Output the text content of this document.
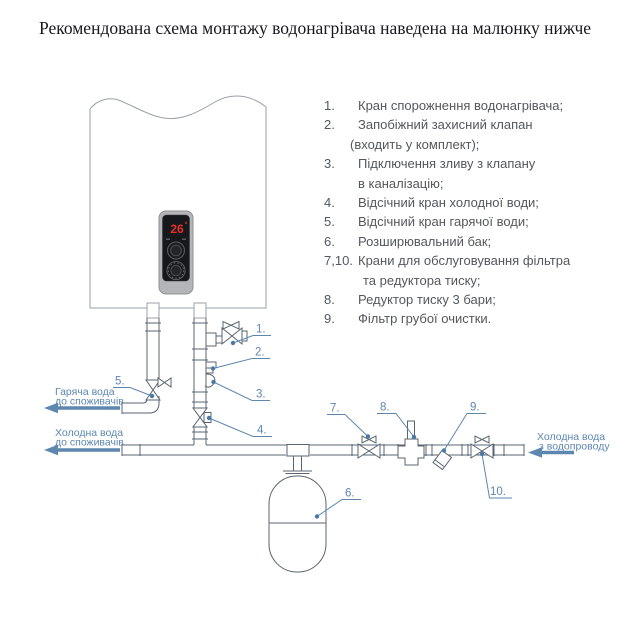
Рекомендована схема монтажу водонагрівача наведена на малюнку нижче
26 °
Гаряча вода
до споживачів
Холодна вода
до споживачів	Холодна вода
з водопроводу
1.
2.
3.
4.
5.
6.
7.	8.	9.
10.
1.	Кран спорожнення водонагрівача;
2.	Запобіжний захисний клапан
(входить у комплект);
3.	Підключення зливу з клапану
в каналізацію;
4.	Відсічний кран холодної води;
5.	Відсічний кран гарячої води;
6.	Розширювальний бак;
7,10. Крани для обслуговування фільтра
та редуктора тиску;
8.	Редуктор тиску 3 бари;
9.	Фільтр грубої очистки.
